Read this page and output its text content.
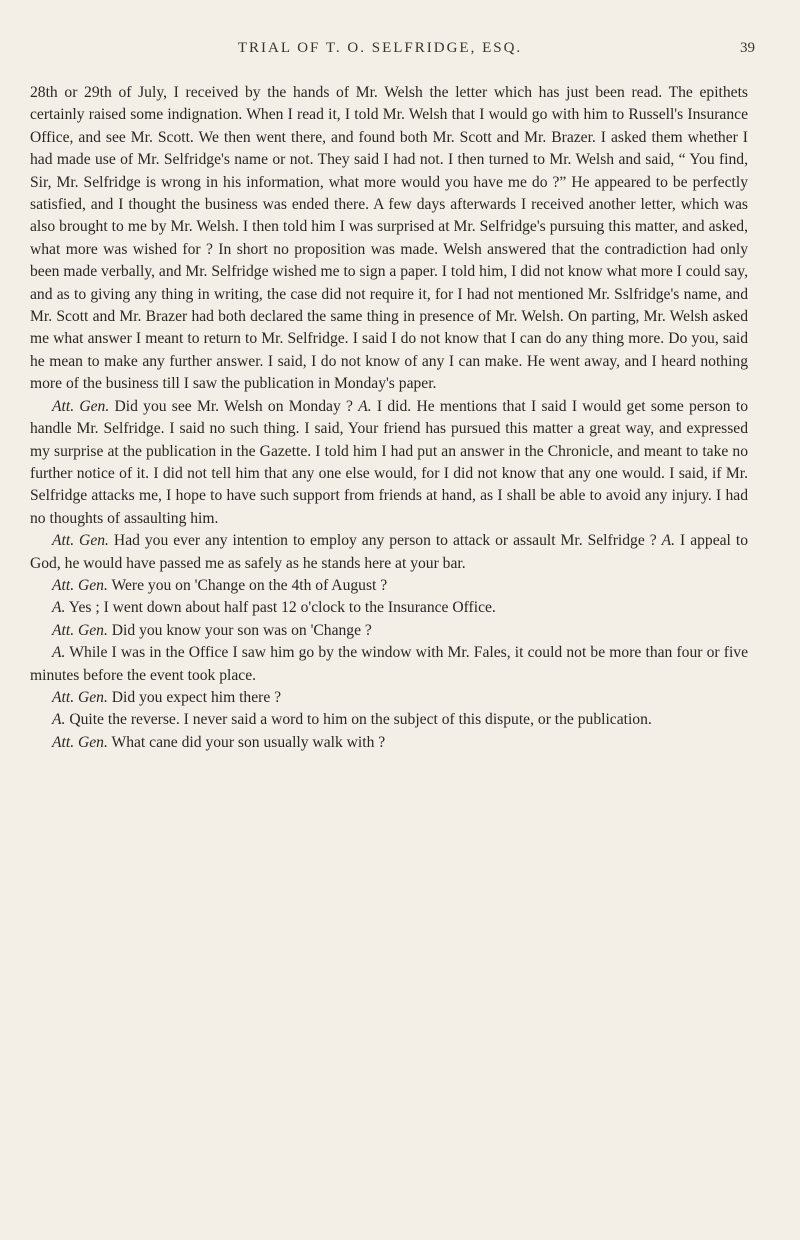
TRIAL OF T. O. SELFRIDGE, ESQ.	39

28th or 29th of July, I received by the hands of Mr. Welsh the letter which has just been read. The epithets certainly raised some indignation. When I read it, I told Mr. Welsh that I would go with him to Russell's Insurance Office, and see Mr. Scott. We then went there, and found both Mr. Scott and Mr. Brazer. I asked them whether I had made use of Mr. Selfridge's name or not. They said I had not. I then turned to Mr. Welsh and said, “ You find, Sir, Mr. Selfridge is wrong in his information, what more would you have me do ?” He appeared to be perfectly satisfied, and I thought the business was ended there. A few days afterwards I received another letter, which was also brought to me by Mr. Welsh. I then told him I was surprised at Mr. Selfridge's pursuing this matter, and asked, what more was wished for ? In short no proposition was made. Welsh answered that the contradiction had only been made verbally, and Mr. Selfridge wished me to sign a paper. I told him, I did not know what more I could say, and as to giving any thing in writing, the case did not require it, for I had not mentioned Mr. Sslfridge's name, and Mr. Scott and Mr. Brazer had both declared the same thing in presence of Mr. Welsh. On parting, Mr. Welsh asked me what answer I meant to return to Mr. Selfridge. I said I do not know that I can do any thing more. Do you, said he mean to make any further answer. I said, I do not know of any I can make. He went away, and I heard nothing more of the business till I saw the publication in Monday's paper.

Att. Gen. Did you see Mr. Welsh on Monday ? A. I did. He mentions that I said I would get some person to handle Mr. Selfridge. I said no such thing. I said, Your friend has pursued this matter a great way, and expressed my surprise at the publication in the Gazette. I told him I had put an answer in the Chronicle, and meant to take no further notice of it. I did not tell him that any one else would, for I did not know that any one would. I said, if Mr. Selfridge attacks me, I hope to have such support from friends at hand, as I shall be able to avoid any injury. I had no thoughts of assaulting him.

Att. Gen. Had you ever any intention to employ any person to attack or assault Mr. Selfridge ? A. I appeal to God, he would have passed me as safely as he stands here at your bar.

Att. Gen. Were you on 'Change on the 4th of August ?

A. Yes ; I went down about half past 12 o'clock to the Insurance Office.

Att. Gen. Did you know your son was on 'Change ?

A. While I was in the Office I saw him go by the window with Mr. Fales, it could not be more than four or five minutes before the event took place.

Att. Gen. Did you expect him there ?

A. Quite the reverse. I never said a word to him on the subject of this dispute, or the publication.

Att. Gen. What cane did your son usually walk with ?
